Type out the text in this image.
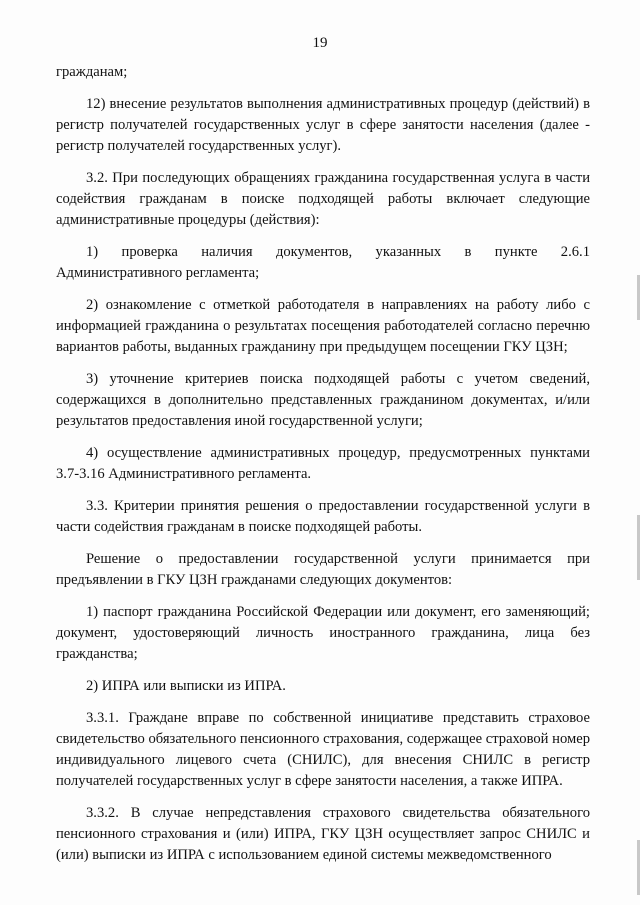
19

гражданам;

12) внесение результатов выполнения административных процедур (действий) в регистр получателей государственных услуг в сфере занятости населения (далее - регистр получателей государственных услуг).

3.2. При последующих обращениях гражданина государственная услуга в части содействия гражданам в поиске подходящей работы включает следующие административные процедуры (действия):

1) проверка наличия документов, указанных в пункте 2.6.1

Административного регламента;

2) ознакомление с отметкой работодателя в направлениях на работу либо с информацией гражданина о результатах посещения работодателей согласно перечню вариантов работы, выданных гражданину при предыдущем посещении ГКУ ЦЗН;

3) уточнение критериев поиска подходящей работы с учетом сведений, содержащихся в дополнительно представленных гражданином документах, и/или результатов предоставления иной государственной услуги;

4) осуществление административных процедур, предусмотренных пунктами 3.7-3.16 Административного регламента.

3.3. Критерии принятия решения о предоставлении государственной услуги в части содействия гражданам в поиске подходящей работы.

Решение о предоставлении государственной услуги принимается при предъявлении в ГКУ ЦЗН гражданами следующих документов:

1) паспорт гражданина Российской Федерации или документ, его заменяющий; документ, удостоверяющий личность иностранного гражданина, лица без гражданства;

2) ИПРА или выписки из ИПРА.

3.3.1. Граждане вправе по собственной инициативе представить страховое свидетельство обязательного пенсионного страхования, содержащее страховой номер индивидуального лицевого счета (СНИЛС), для внесения СНИЛС в регистр получателей государственных услуг в сфере занятости населения, а также ИПРА.

3.3.2. В случае непредставления страхового свидетельства обязательного пенсионного страхования и (или) ИПРА, ГКУ ЦЗН осуществляет запрос СНИЛС и (или) выписки из ИПРА с использованием единой системы межведомственного
